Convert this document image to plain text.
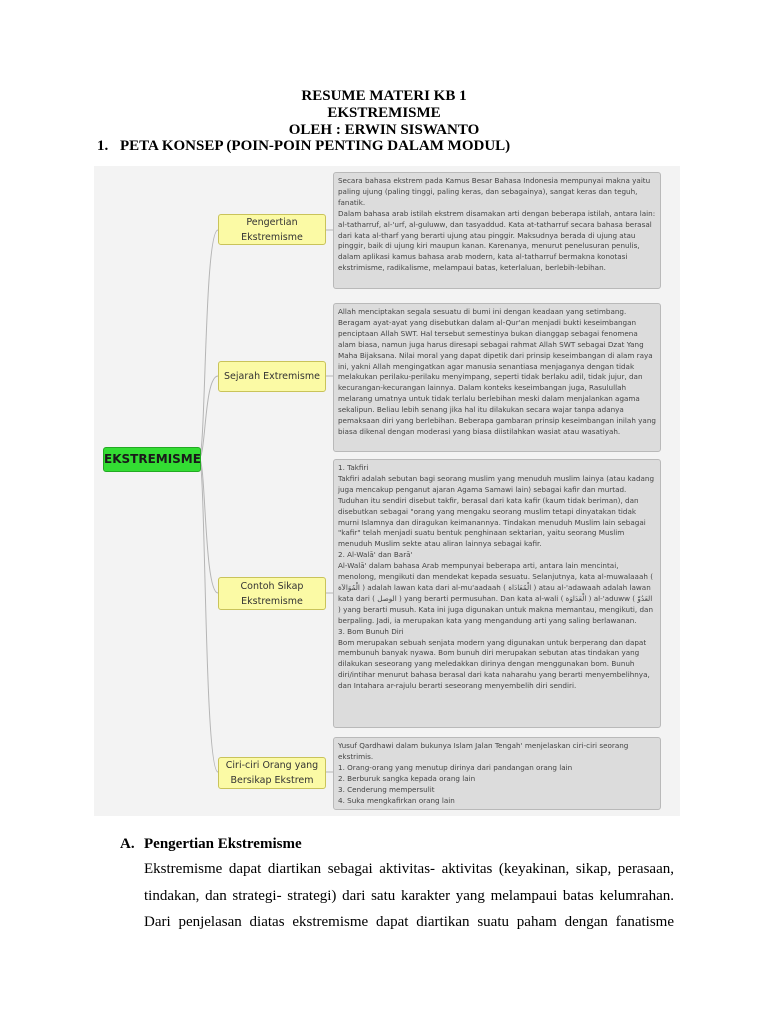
RESUME MATERI KB 1
EKSTREMISME
OLEH : ERWIN SISWANTO
1. PETA KONSEP (POIN-POIN PENTING DALAM MODUL)
EKSTREMISME
Pengertian Ekstremisme
Sejarah Extremisme
Contoh Sikap Ekstremisme
Ciri-ciri Orang yang Bersikap Ekstrem

Secara bahasa ekstrem pada Kamus Besar Bahasa Indonesia mempunyai makna yaitu paling ujung (paling tinggi, paling keras, dan sebagainya), sangat keras dan teguh, fanatik.

Dalam bahasa arab istilah ekstrem disamakan arti dengan beberapa istilah, antara lain: al-tatharruf, al-'urf, al-guluww, dan tasyaddud. Kata at-tatharruf secara bahasa berasal dari kata al-tharf yang berarti ujung atau pinggir. Maksudnya berada di ujung atau pinggir, baik di ujung kiri maupun kanan. Karenanya, menurut penelusuran penulis, dalam aplikasi kamus bahasa arab modern, kata al-tatharruf bermakna konotasi ekstrimisme, radikalisme, melampaui batas, keterlaluan, berlebih-lebihan.

Allah menciptakan segala sesuatu di bumi ini dengan keadaan yang setimbang. Beragam ayat-ayat yang disebutkan dalam al-Qur'an menjadi bukti keseimbangan penciptaan Allah SWT. Hal tersebut semestinya bukan dianggap sebagai fenomena alam biasa, namun juga harus diresapi sebagai rahmat Allah SWT sebagai Dzat Yang Maha Bijaksana. Nilai moral yang dapat dipetik dari prinsip keseimbangan di alam raya ini, yakni Allah mengingatkan agar manusia senantiasa menjaganya dengan tidak melakukan perilaku-perilaku menyimpang, seperti tidak berlaku adil, tidak jujur, dan kecurangan-kecurangan lainnya. Dalam konteks keseimbangan juga, Rasulullah melarang umatnya untuk tidak terlalu berlebihan meski dalam menjalankan agama sekalipun. Beliau lebih senang jika hal itu dilakukan secara wajar tanpa adanya pemaksaan diri yang berlebihan. Beberapa gambaran prinsip keseimbangan inilah yang biasa dikenal dengan moderasi yang biasa diistilahkan wasiat atau wasatiyah.

1. Takfiri

Takfiri adalah sebutan bagi seorang muslim yang menuduh muslim lainya (atau kadang juga mencakup penganut ajaran Agama Samawi lain) sebagai kafir dan murtad. Tuduhan itu sendiri disebut takfir, berasal dari kata kafir (kaum tidak beriman), dan disebutkan sebagai "orang yang mengaku seorang muslim tetapi dinyatakan tidak murni Islamnya dan diragukan keimanannya. Tindakan menuduh Muslim lain sebagai "kafir" telah menjadi suatu bentuk penghinaan sektarian, yaitu seorang Muslim menuduh Muslim sekte atau aliran lainnya sebagai kafir.

2. Al-Walā' dan Barā'

Al-Walā' dalam bahasa Arab mempunyai beberapa arti, antara lain mencintai, menolong, mengikuti dan mendekat kepada sesuatu. Selanjutnya, kata al-muwalaaah ( الْمُوَالاَة ) adalah lawan kata dari al-mu'aadaah ( الْمُعَادَاة ) atau al-'adawaah adalah lawan kata dari ( الوصل ) yang berarti permusuhan. Dan kata al-wali ( الْعَدَاوَة ) al-'aduww ( العَدُوّ ) yang berarti musuh. Kata ini juga digunakan untuk makna memantau, mengikuti, dan berpaling. Jadi, ia merupakan kata yang mengandung arti yang saling berlawanan.

3. Bom Bunuh Diri

Bom merupakan sebuah senjata modern yang digunakan untuk berperang dan dapat membunuh banyak nyawa. Bom bunuh diri merupakan sebutan atas tindakan yang dilakukan seseorang yang meledakkan dirinya dengan menggunakan bom. Bunuh diri/intihar menurut bahasa berasal dari kata naharahu yang berarti menyembelihnya, dan Intahara ar-rajulu berarti seseorang menyembelih diri sendiri.

Yusuf Qardhawi dalam bukunya Islam Jalan Tengah' menjelaskan ciri-ciri seorang ekstrimis.

1. Orang-orang yang menutup dirinya dari pandangan orang lain

2. Berburuk sangka kepada orang lain

3. Cenderung mempersulit

4. Suka mengkafirkan orang lain

A. Pengertian Ekstremisme
Ekstremisme dapat diartikan sebagai aktivitas- aktivitas (keyakinan, sikap, perasaan,
tindakan, dan strategi- strategi) dari satu karakter yang melampaui batas kelumrahan.
Dari penjelasan diatas ekstremisme dapat diartikan suatu paham dengan fanatisme
